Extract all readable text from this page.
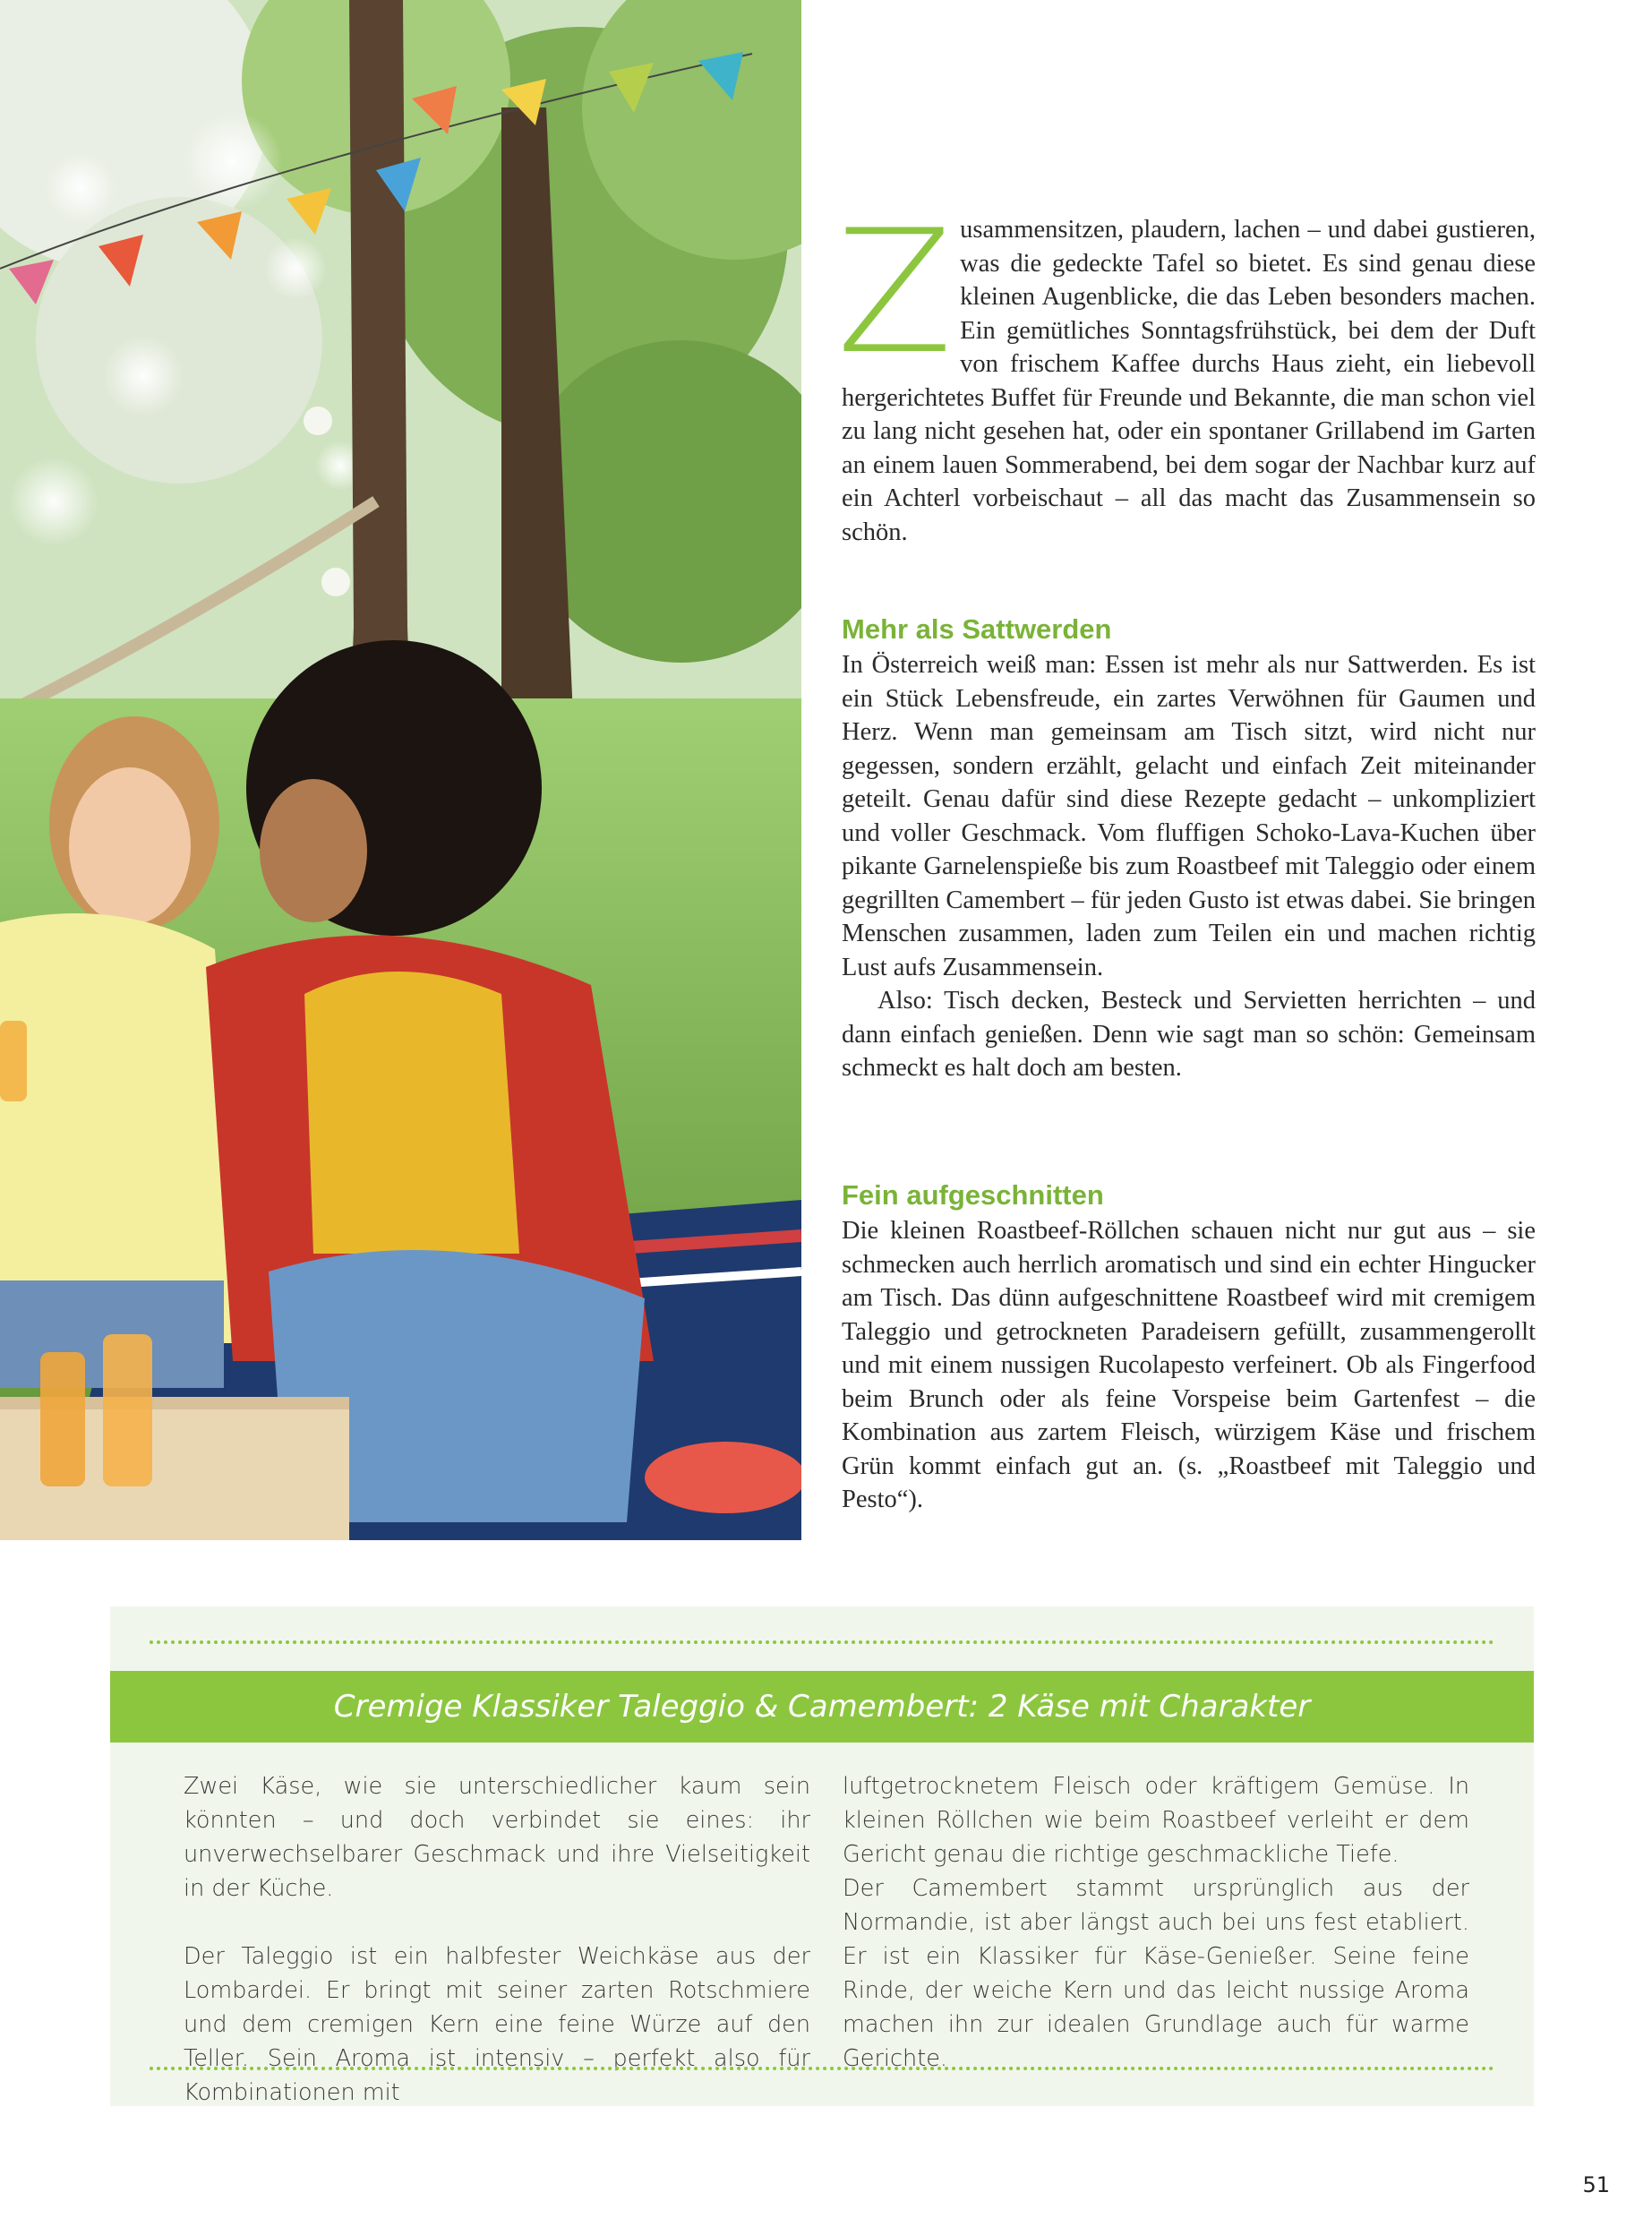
Z usammensitzen, plaudern, lachen – und dabei gustieren, was die gedeckte Tafel so bietet. Es sind genau diese kleinen Augenblicke, die das Leben besonders machen. Ein gemütliches Sonntagsfrühstück, bei dem der Duft von frischem Kaffee durchs Haus zieht, ein liebevoll hergerichtetes Buffet für Freunde und Bekannte, die man schon viel zu lang nicht gesehen hat, oder ein spontaner Grillabend im Garten an einem lauen Sommerabend, bei dem sogar der Nachbar kurz auf ein Achterl vorbeischaut – all das macht das Zusammensein so schön.
Mehr als Sattwerden

In Österreich weiß man: Essen ist mehr als nur Sattwerden. Es ist ein Stück Lebensfreude, ein zartes Verwöhnen für Gaumen und Herz. Wenn man gemeinsam am Tisch sitzt, wird nicht nur gegessen, sondern erzählt, gelacht und einfach Zeit miteinander geteilt. Genau dafür sind diese Rezepte gedacht – unkompliziert und voller Geschmack. Vom fluffigen Schoko-Lava-Kuchen über pikante Garnelenspieße bis zum Roastbeef mit Taleggio oder einem gegrillten Camembert – für jeden Gusto ist etwas dabei. Sie bringen Menschen zusammen, laden zum Teilen ein und machen richtig Lust aufs Zusammensein.

Also: Tisch decken, Besteck und Servietten herrichten – und dann einfach genießen. Denn wie sagt man so schön: Gemeinsam schmeckt es halt doch am besten.

Fein aufgeschnitten

Die kleinen Roastbeef-Röllchen schauen nicht nur gut aus – sie schmecken auch herrlich aromatisch und sind ein echter Hingucker am Tisch. Das dünn aufgeschnittene Roastbeef wird mit cremigem Taleggio und getrockneten Paradeisern gefüllt, zusammengerollt und mit einem nussigen Rucolapesto verfeinert. Ob als Fingerfood beim Brunch oder als feine Vorspeise beim Gartenfest – die Kombination aus zartem Fleisch, würzigem Käse und frischem Grün kommt einfach gut an. (s. „Roastbeef mit Taleggio und Pesto“).

Cremige Klassiker Taleggio & Camembert: 2 Käse mit Charakter

Zwei Käse, wie sie unterschiedlicher kaum sein könnten – und doch verbindet sie eines: ihr unverwechselbarer Geschmack und ihre Vielseitigkeit in der Küche.

Der Taleggio ist ein halbfester Weichkäse aus der Lombardei. Er bringt mit seiner zarten Rotschmiere und dem cremigen Kern eine feine Würze auf den Teller. Sein Aroma ist intensiv – perfekt also für Kombinationen mit

luftgetrocknetem Fleisch oder kräftigem Gemüse. In kleinen Röllchen wie beim Roastbeef verleiht er dem Gericht genau die richtige geschmackliche Tiefe.

Der Camembert stammt ursprünglich aus der Normandie, ist aber längst auch bei uns fest etabliert. Er ist ein Klassiker für Käse-Genießer. Seine feine Rinde, der weiche Kern und das leicht nussige Aroma machen ihn zur idealen Grundlage auch für warme Gerichte.

51
